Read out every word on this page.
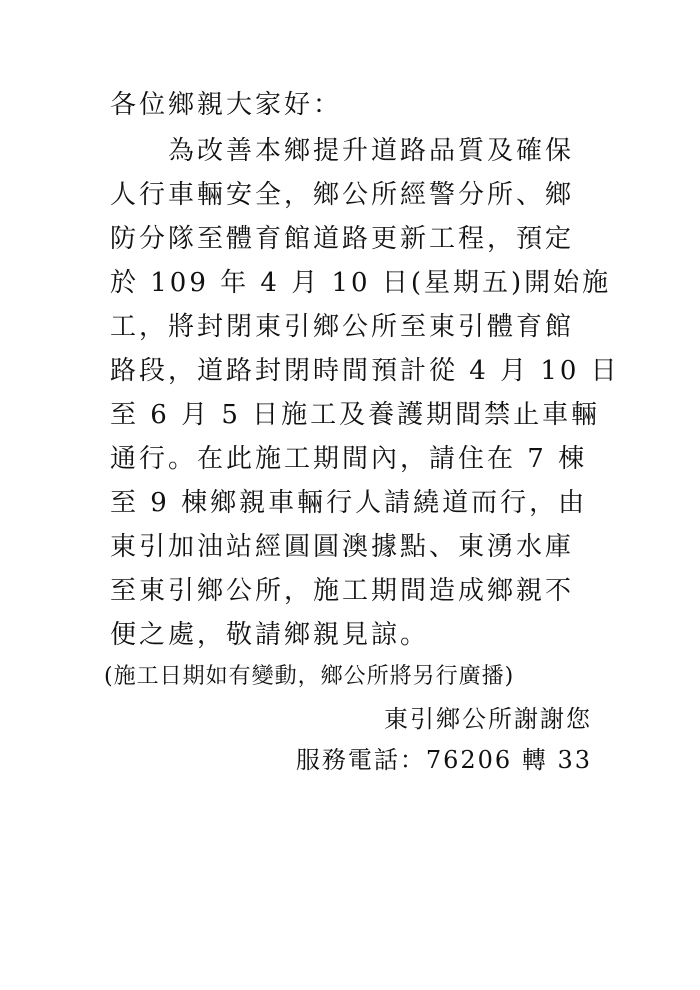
各位鄉親大家好：
　　為改善本鄉提升道路品質及確保
人行車輛安全，鄉公所經警分所、鄉
防分隊至體育館道路更新工程，預定
於 109 年 4 月 10 日(星期五)開始施
工，將封閉東引鄉公所至東引體育館
路段，道路封閉時間預計從 4 月 10 日
至 6 月 5 日施工及養護期間禁止車輛
通行。在此施工期間內，請住在 7 棟
至 9 棟鄉親車輛行人請繞道而行，由
東引加油站經圓圓澳據點、東湧水庫
至東引鄉公所，施工期間造成鄉親不
便之處，敬請鄉親見諒。
(施工日期如有變動，鄉公所將另行廣播)
東引鄉公所謝謝您
服務電話：76206 轉 33
